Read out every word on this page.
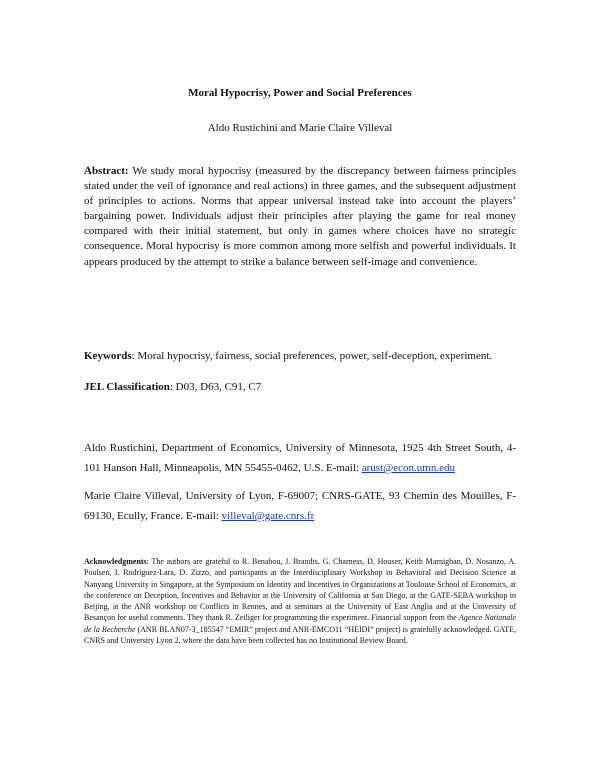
Moral Hypocrisy, Power and Social Preferences
Aldo Rustichini and Marie Claire Villeval

Abstract: We study moral hypocrisy (measured by the discrepancy between fairness principles stated under the veil of ignorance and real actions) in three games, and the subsequent adjustment of principles to actions. Norms that appear universal instead take into account the players’ bargaining power. Individuals adjust their principles after playing the game for real money compared with their initial statement, but only in games where choices have no strategic consequence. Moral hypocrisy is more common among more selfish and powerful individuals. It appears produced by the attempt to strike a balance between self-image and convenience.

Keywords: Moral hypocrisy, fairness, social preferences, power, self-deception, experiment.

JEL Classification: D03, D63, C91, C7

Aldo Rustichini, Department of Economics, University of Minnesota, 1925 4th Street South, 4-101 Hanson Hall, Minneapolis, MN 55455-0462, U.S. E-mail: arust@econ.umn.edu

Marie Claire Villeval, University of Lyon, F-69007; CNRS-GATE, 93 Chemin des Mouilles, F-69130, Ecully, France. E-mail: villeval@gate.cnrs.fr

Acknowledgments: The authors are grateful to R. Benabou, J. Brandts, G. Charness, D. Houser, Keith Marnighan, D. Nosanzo, A. Poulsen, I. Rodriguez-Lara, D. Zizzo, and participants at the Interdisciplinary Workshop in Behavioral and Decision Science at Nanyang University in Singapore, at the Symposium on Identity and Incentives in Organizations at Toulouse School of Economics, at the conference on Deception, Incentives and Behavior at the University of California at San Diego, at the GATE-SEBA workshop in Beijing, at the ANR workshop on Conflicts in Rennes, and at seminars at the University of East Anglia and at the University of Besançon for useful comments. They thank R. Zeiliger for programming the experiment. Financial support from the Agence Nationale de la Recherche (ANR BLAN07-3_185547 “EMIR” project and ANR-EMCO11 “HEIDI” project) is gratefully acknowledged. GATE, CNRS and University Lyon 2, where the data have been collected has no Institutional Review Board.
